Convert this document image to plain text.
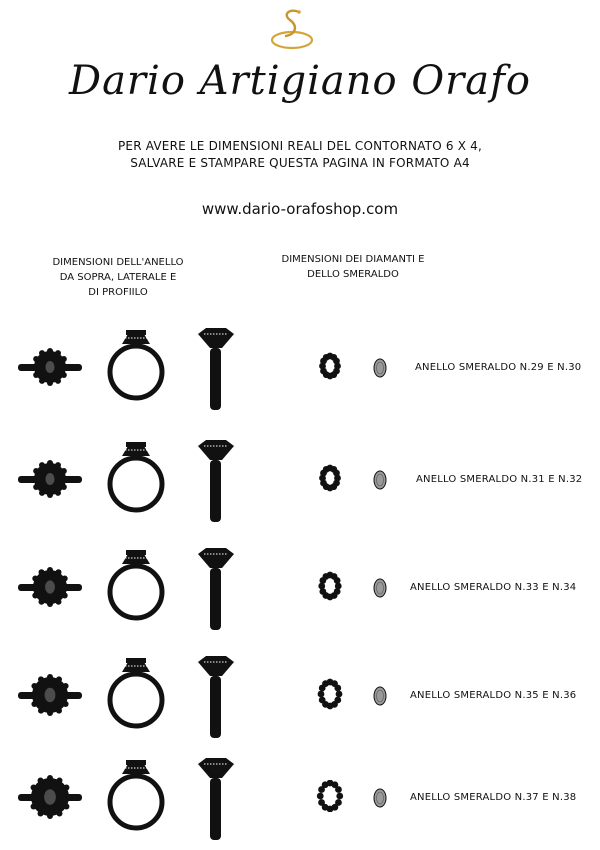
Dario Artigiano Orafo
PER AVERE LE DIMENSIONI REALI DEL CONTORNATO 6 X 4,
SALVARE E STAMPARE QUESTA PAGINA IN FORMATO A4
www.dario-orafoshop.com
DIMENSIONI DELL'ANELLO
DA SOPRA, LATERALE E
DI PROFIILO
DIMENSIONI DEI DIAMANTI E
DELLO SMERALDO
ANELLO SMERALDO N.29 E N.30
ANELLO SMERALDO N.31 E N.32
ANELLO SMERALDO N.33 E N.34
ANELLO SMERALDO N.35 E N.36
ANELLO SMERALDO N.37 E N.38
